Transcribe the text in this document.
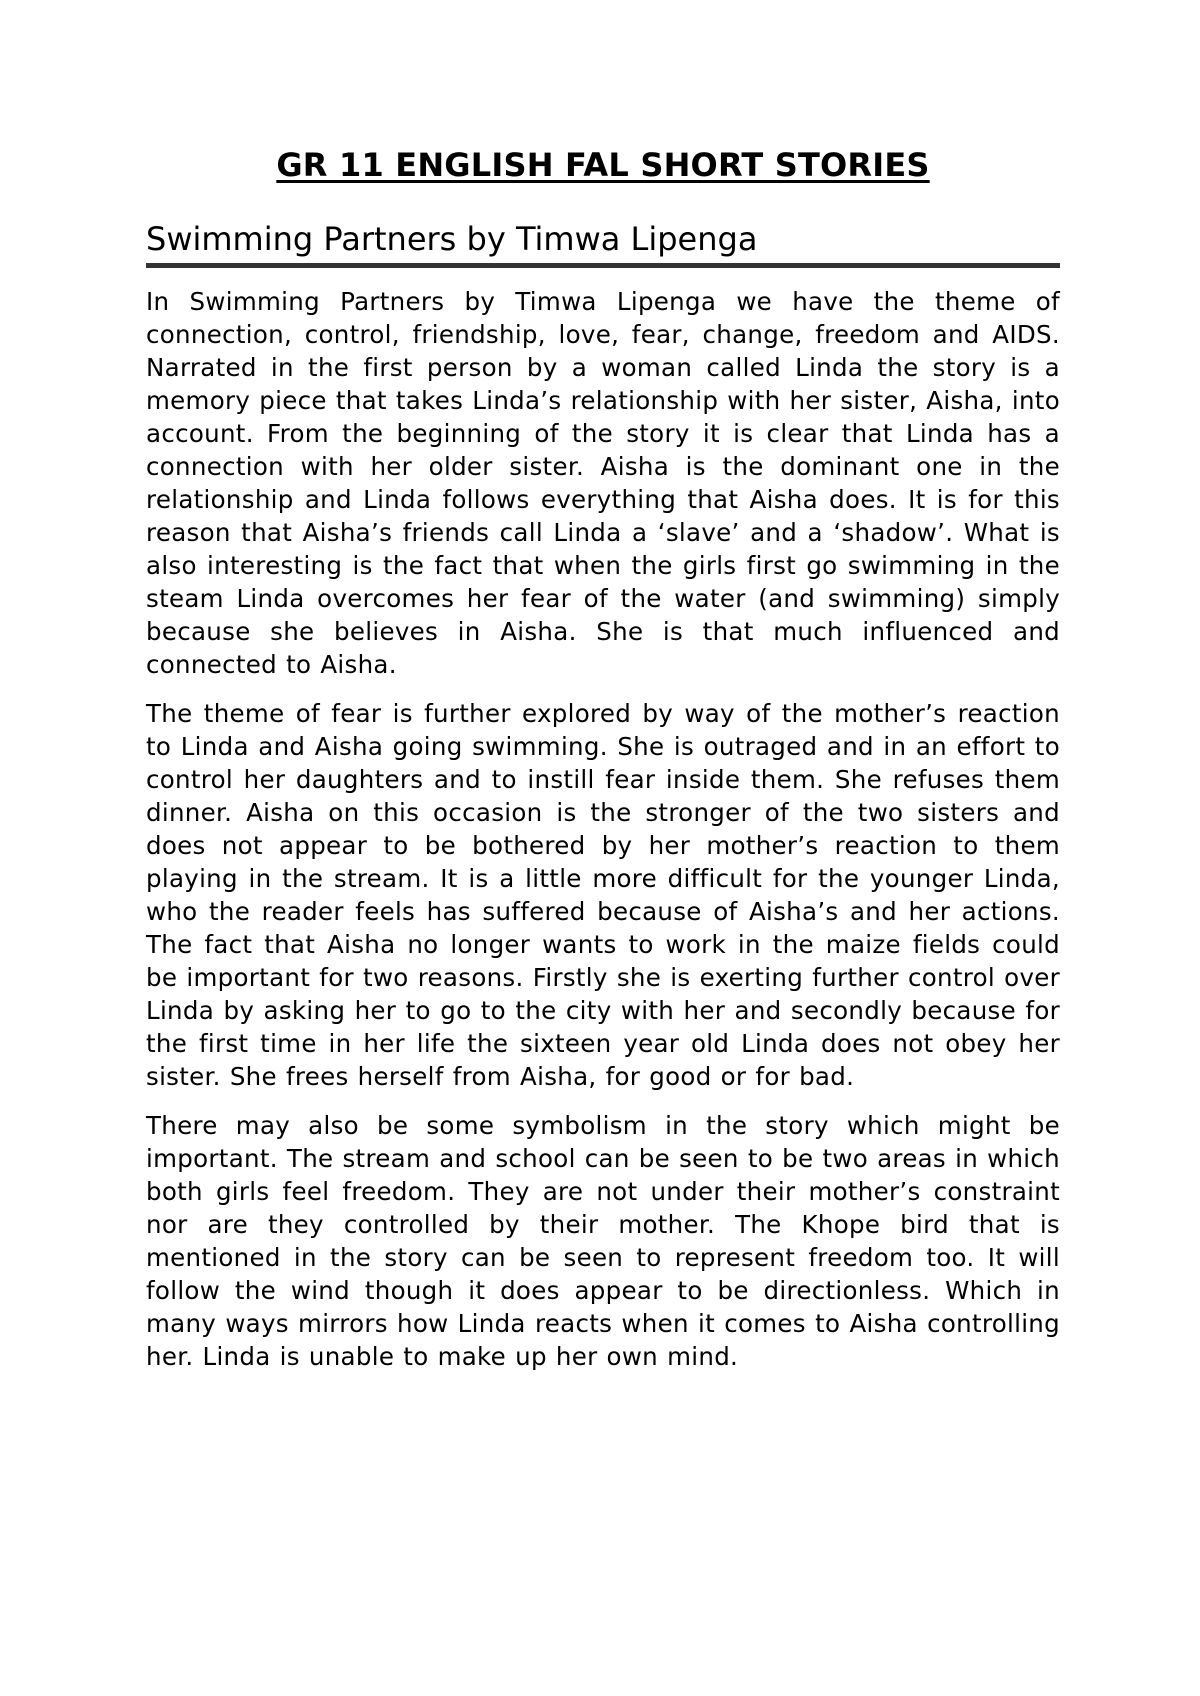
GR 11 ENGLISH FAL SHORT STORIES
Swimming Partners by Timwa Lipenga

In Swimming Partners by Timwa Lipenga we have the theme of connection, control, friendship, love, fear, change, freedom and AIDS. Narrated in the first person by a woman called Linda the story is a memory piece that takes Linda’s relationship with her sister, Aisha, into account. From the beginning of the story it is clear that Linda has a connection with her older sister. Aisha is the dominant one in the relationship and Linda follows everything that Aisha does. It is for this reason that Aisha’s friends call Linda a ‘slave’ and a ‘shadow’. What is also interesting is the fact that when the girls first go swimming in the steam Linda overcomes her fear of the water (and swimming) simply because she believes in Aisha. She is that much influenced and connected to Aisha.

The theme of fear is further explored by way of the mother’s reaction to Linda and Aisha going swimming. She is outraged and in an effort to control her daughters and to instill fear inside them. She refuses them dinner. Aisha on this occasion is the stronger of the two sisters and does not appear to be bothered by her mother’s reaction to them playing in the stream. It is a little more difficult for the younger Linda, who the reader feels has suffered because of Aisha’s and her actions. The fact that Aisha no longer wants to work in the maize fields could be important for two reasons. Firstly she is exerting further control over Linda by asking her to go to the city with her and secondly because for the first time in her life the sixteen year old Linda does not obey her sister. She frees herself from Aisha, for good or for bad.

There may also be some symbolism in the story which might be important. The stream and school can be seen to be two areas in which both girls feel freedom. They are not under their mother’s constraint nor are they controlled by their mother. The Khope bird that is mentioned in the story can be seen to represent freedom too. It will follow the wind though it does appear to be directionless. Which in many ways mirrors how Linda reacts when it comes to Aisha controlling her. Linda is unable to make up her own mind.
